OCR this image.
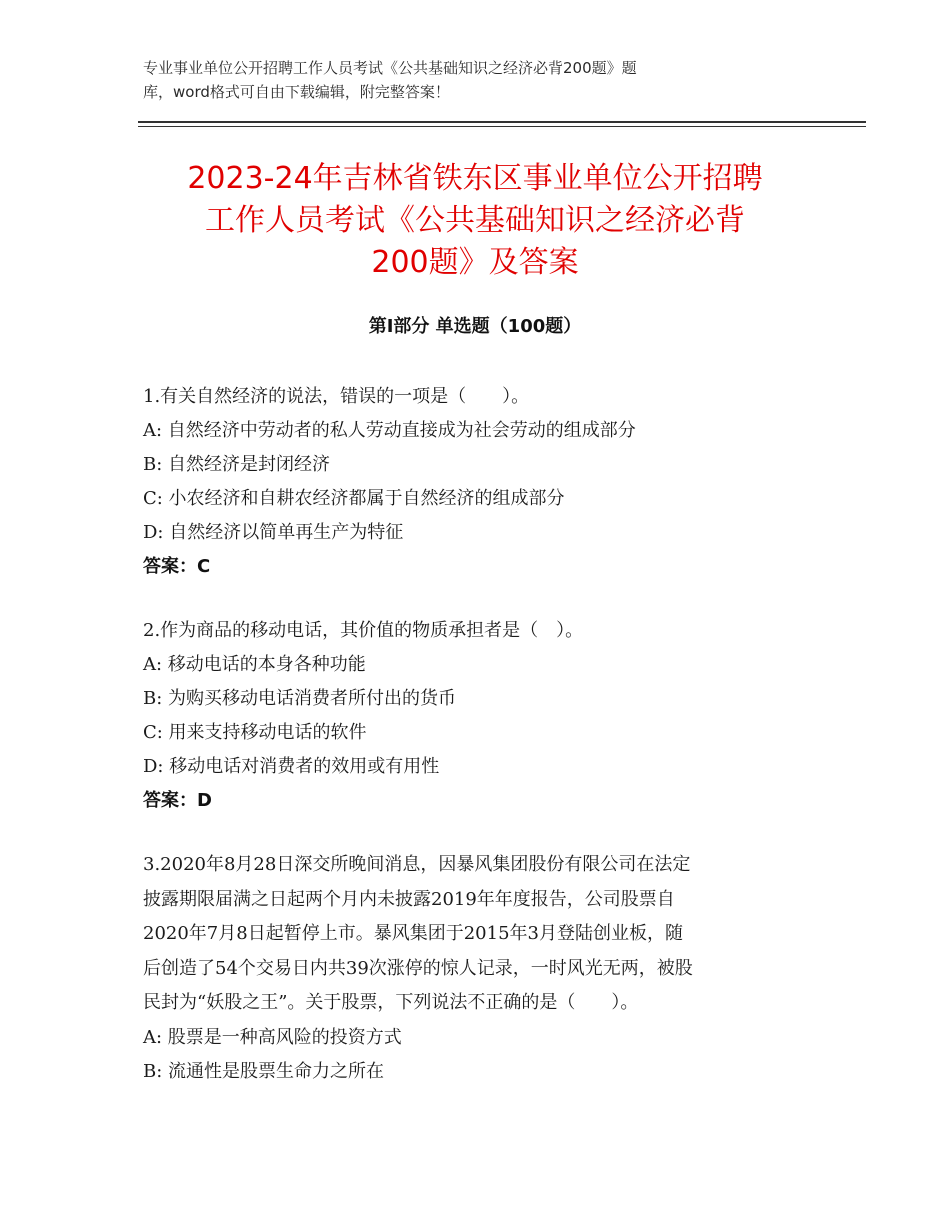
专业事业单位公开招聘工作人员考试《公共基础知识之经济必背200题》题
库，word格式可自由下载编辑，附完整答案！
2023-24年吉林省铁东区事业单位公开招聘
工作人员考试《公共基础知识之经济必背
200题》及答案
第Ⅰ部分 单选题（100题）
1.有关自然经济的说法，错误的一项是（　　）。
A: 自然经济中劳动者的私人劳动直接成为社会劳动的组成部分
B: 自然经济是封闭经济
C: 小农经济和自耕农经济都属于自然经济的组成部分
D: 自然经济以简单再生产为特征
答案：C
2.作为商品的移动电话，其价值的物质承担者是（　）。
A: 移动电话的本身各种功能
B: 为购买移动电话消费者所付出的货币
C: 用来支持移动电话的软件
D: 移动电话对消费者的效用或有用性
答案：D
3.2020年8月28日深交所晚间消息，因暴风集团股份有限公司在法定
披露期限届满之日起两个月内未披露2019年年度报告，公司股票自
2020年7月8日起暂停上市。暴风集团于2015年3月登陆创业板，随
后创造了54个交易日内共39次涨停的惊人记录，一时风光无两，被股
民封为“妖股之王”。关于股票，下列说法不正确的是（　　）。
A: 股票是一种高风险的投资方式
B: 流通性是股票生命力之所在
